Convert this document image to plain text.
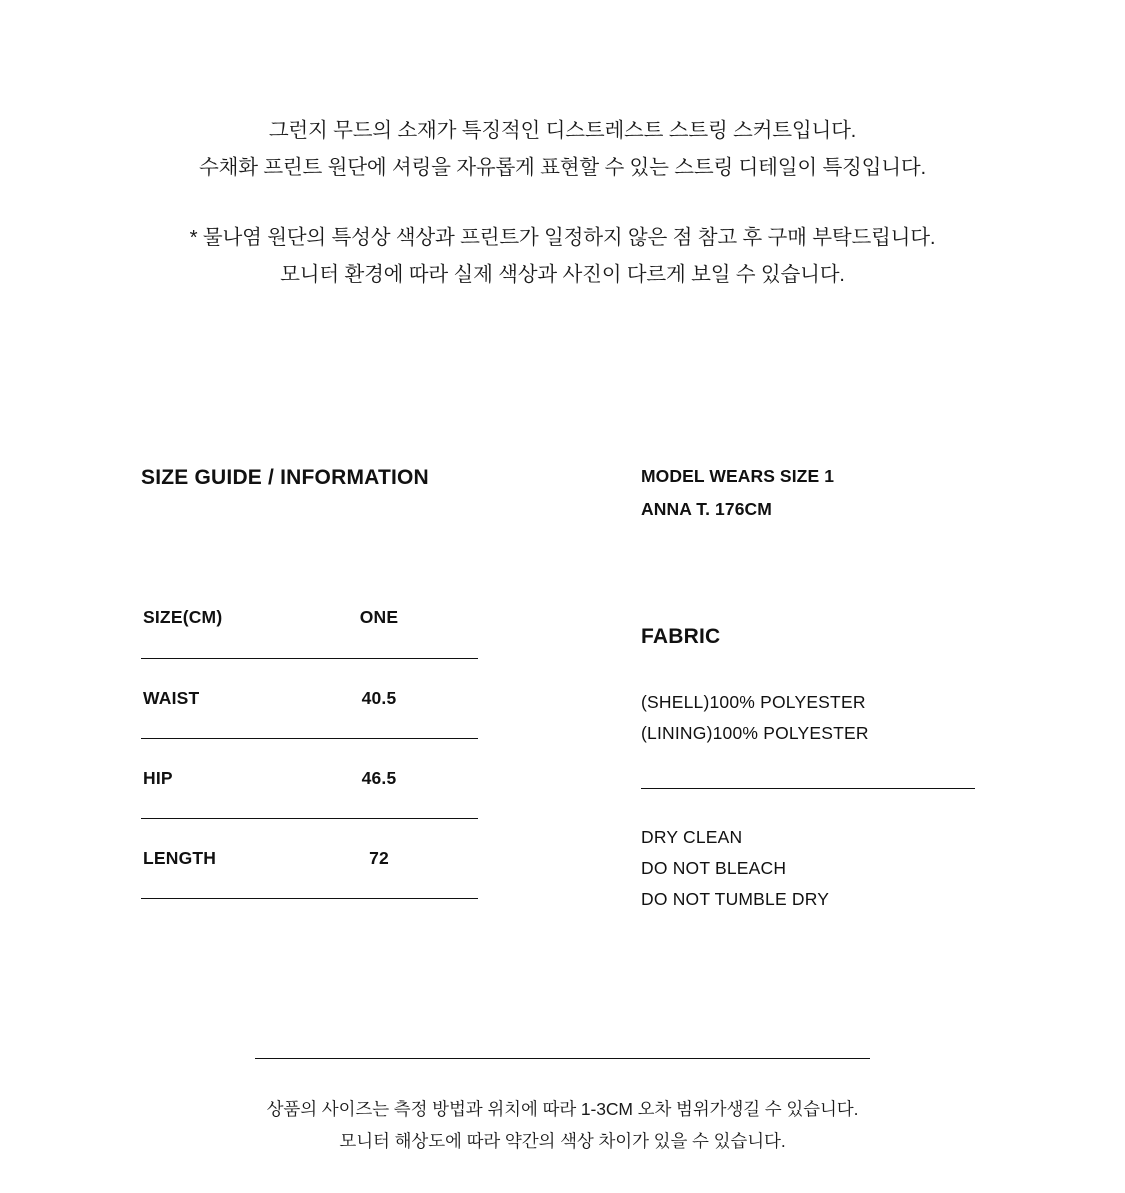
그런지 무드의 소재가 특징적인 디스트레스트 스트링 스커트입니다.

수채화 프린트 원단에 셔링을 자유롭게 표현할 수 있는 스트링 디테일이 특징입니다.

* 물나염 원단의 특성상 색상과 프린트가 일정하지 않은 점 참고 후 구매 부탁드립니다.

모니터 환경에 따라 실제 색상과 사진이 다르게 보일 수 있습니다.

SIZE GUIDE / INFORMATION
SIZE(CM)	ONE
WAIST	40.5
HIP	46.5
LENGTH	72

MODEL WEARS SIZE 1

ANNA T. 176CM

FABRIC
(SHELL)100% POLYESTER
(LINING)100% POLYESTER
DRY CLEAN
DO NOT BLEACH
DO NOT TUMBLE DRY

상품의 사이즈는 측정 방법과 위치에 따라 1-3CM 오차 범위가생길 수 있습니다.

모니터 해상도에 따라 약간의 색상 차이가 있을 수 있습니다.
